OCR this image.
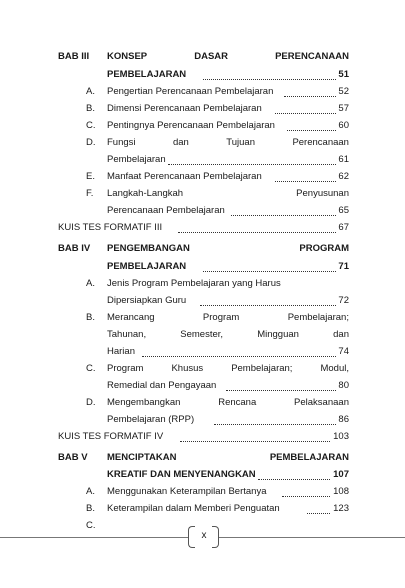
BAB III KONSEP	DASAR	PERENCANAAN
PEMBELAJARAN	51
A. Pengertian Perencanaan Pembelajaran	52
B. Dimensi Perencanaan Pembelajaran	57
C. Pentingnya Perencanaan Pembelajaran	60
D. Fungsi	dan	Tujuan	Perencanaan
Pembelajaran	61
E. Manfaat Perencanaan Pembelajaran	62
F. Langkah-Langkah	Penyusunan
Perencanaan Pembelajaran	65
KUIS TES FORMATIF III	67
BAB IV PENGEMBANGAN	PROGRAM
PEMBELAJARAN	71
A. Jenis Program Pembelajaran yang Harus
Dipersiapkan Guru	72
B. Merancang	Program	Pembelajaran;
Tahunan,	Semester,	Mingguan	dan
Harian	74
C. Program	Khusus	Pembelajaran;	Modul,
Remedial dan Pengayaan	80
D. Mengembangkan	Rencana	Pelaksanaan
Pembelajaran (RPP)	86
KUIS TES FORMATIF IV	103
BAB V MENCIPTAKAN	PEMBELAJARAN
KREATIF DAN MENYENANGKAN	107
A. Menggunakan Keterampilan Bertanya	108
B. Keterampilan dalam Memberi Penguatan	123
x
C.
